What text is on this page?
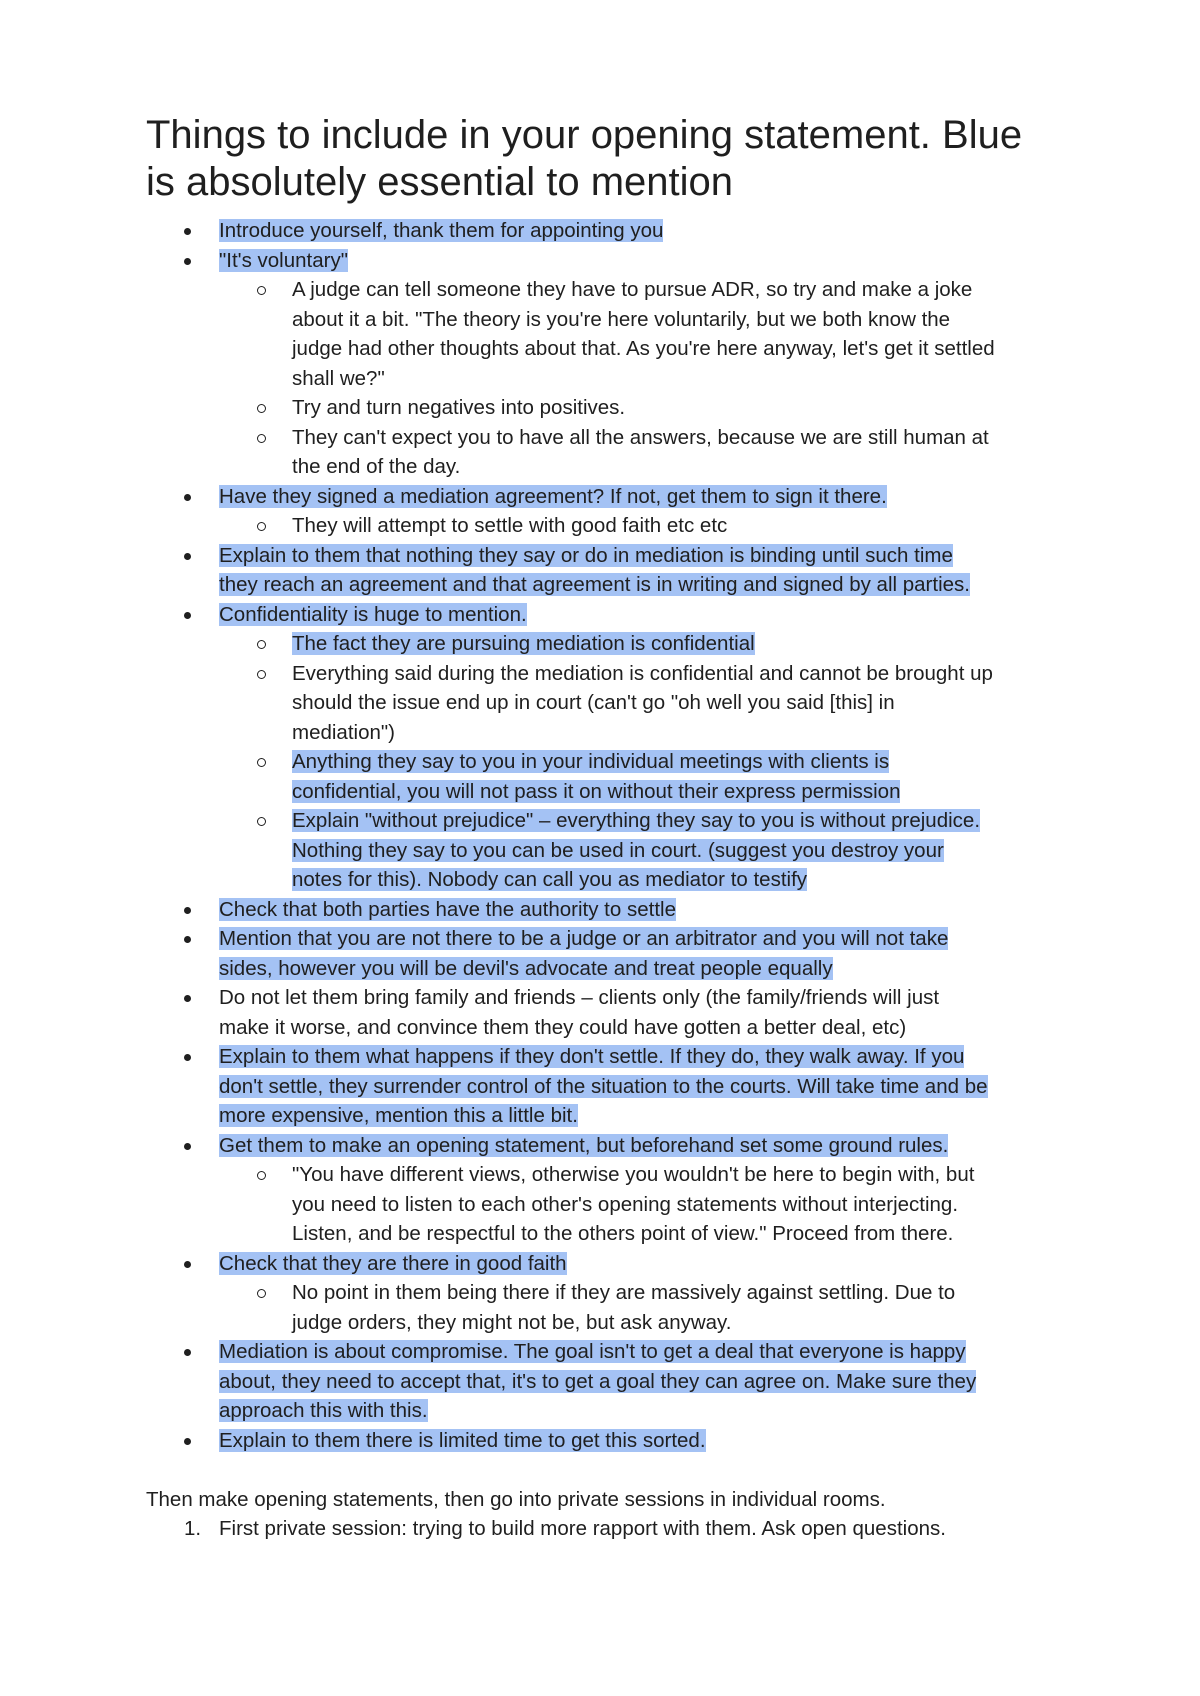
Things to include in your opening statement. Blue
is absolutely essential to mention
Introduce yourself, thank them for appointing you
"It's voluntary"
A judge can tell someone they have to pursue ADR, so try and make a joke
about it a bit. "The theory is you're here voluntarily, but we both know the
judge had other thoughts about that. As you're here anyway, let's get it settled
shall we?"
Try and turn negatives into positives.
They can't expect you to have all the answers, because we are still human at
the end of the day.
Have they signed a mediation agreement? If not, get them to sign it there.
They will attempt to settle with good faith etc etc
Explain to them that nothing they say or do in mediation is binding until such time
they reach an agreement and that agreement is in writing and signed by all parties.
Confidentiality is huge to mention.
The fact they are pursuing mediation is confidential
Everything said during the mediation is confidential and cannot be brought up
should the issue end up in court (can't go "oh well you said [this] in
mediation")
Anything they say to you in your individual meetings with clients is
confidential, you will not pass it on without their express permission
Explain "without prejudice" – everything they say to you is without prejudice.
Nothing they say to you can be used in court. (suggest you destroy your
notes for this). Nobody can call you as mediator to testify
Check that both parties have the authority to settle
Mention that you are not there to be a judge or an arbitrator and you will not take
sides, however you will be devil's advocate and treat people equally
Do not let them bring family and friends – clients only (the family/friends will just
make it worse, and convince them they could have gotten a better deal, etc)
Explain to them what happens if they don't settle. If they do, they walk away. If you
don't settle, they surrender control of the situation to the courts. Will take time and be
more expensive, mention this a little bit.
Get them to make an opening statement, but beforehand set some ground rules.
"You have different views, otherwise you wouldn't be here to begin with, but
you need to listen to each other's opening statements without interjecting.
Listen, and be respectful to the others point of view." Proceed from there.
Check that they are there in good faith
No point in them being there if they are massively against settling. Due to
judge orders, they might not be, but ask anyway.
Mediation is about compromise. The goal isn't to get a deal that everyone is happy
about, they need to accept that, it's to get a goal they can agree on. Make sure they
approach this with this.
Explain to them there is limited time to get this sorted.
Then make opening statements, then go into private sessions in individual rooms.
1. First private session: trying to build more rapport with them. Ask open questions.
